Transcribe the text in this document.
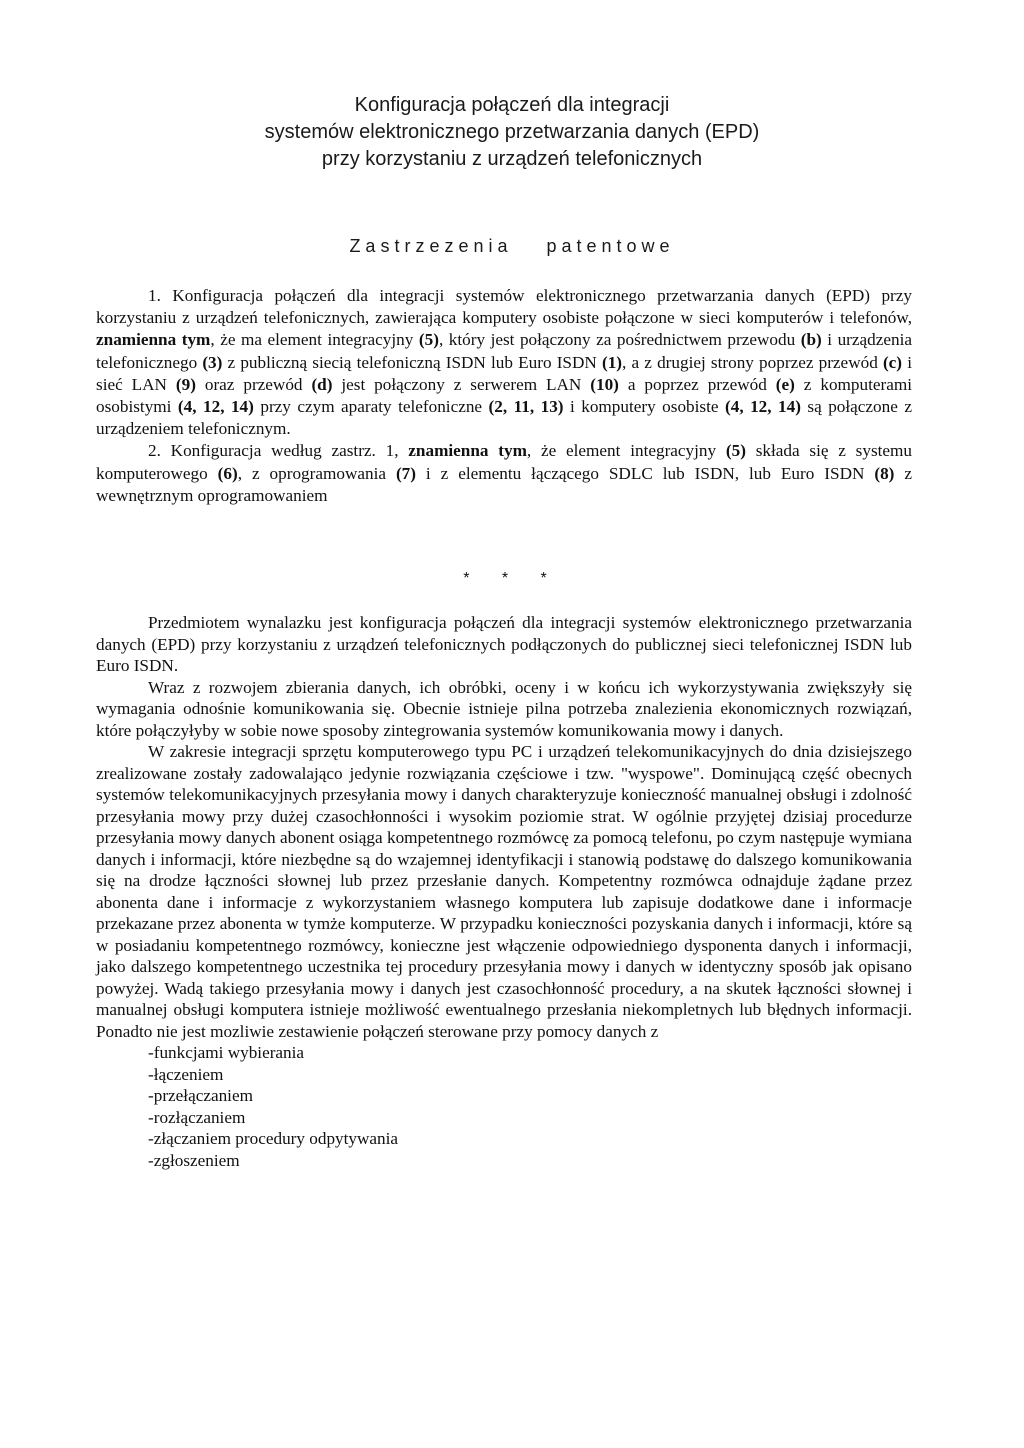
Konfiguracja połączeń dla integracji
systemów elektronicznego przetwarzania danych (EPD)
przy korzystaniu z urządzeń telefonicznych
Zastrzezenia patentowe

1. Konfiguracja połączeń dla integracji systemów elektronicznego przetwarzania danych (EPD) przy korzystaniu z urządzeń telefonicznych, zawierająca komputery osobiste połączone w sieci komputerów i telefonów, znamienna tym, że ma element integracyjny (5), który jest połączony za pośrednictwem przewodu (b) i urządzenia telefonicznego (3) z publiczną siecią telefoniczną ISDN lub Euro ISDN (1), a z drugiej strony poprzez przewód (c) i sieć LAN (9) oraz przewód (d) jest połączony z serwerem LAN (10) a poprzez przewód (e) z komputerami osobistymi (4, 12, 14) przy czym aparaty telefoniczne (2, 11, 13) i komputery osobiste (4, 12, 14) są połączone z urządzeniem telefonicznym.

2. Konfiguracja według zastrz. 1, znamienna tym, że element integracyjny (5) składa się z systemu komputerowego (6), z oprogramowania (7) i z elementu łączącego SDLC lub ISDN, lub Euro ISDN (8) z wewnętrznym oprogramowaniem

* * *

Przedmiotem wynalazku jest konfiguracja połączeń dla integracji systemów elektronicznego przetwarzania danych (EPD) przy korzystaniu z urządzeń telefonicznych podłączonych do publicznej sieci telefonicznej ISDN lub Euro ISDN.

Wraz z rozwojem zbierania danych, ich obróbki, oceny i w końcu ich wykorzystywania zwiększyły się wymagania odnośnie komunikowania się. Obecnie istnieje pilna potrzeba znalezienia ekonomicznych rozwiązań, które połączyłyby w sobie nowe sposoby zintegrowania systemów komunikowania mowy i danych.

W zakresie integracji sprzętu komputerowego typu PC i urządzeń telekomunikacyjnych do dnia dzisiejszego zrealizowane zostały zadowalająco jedynie rozwiązania częściowe i tzw. "wyspowe". Dominującą część obecnych systemów telekomunikacyjnych przesyłania mowy i danych charakteryzuje konieczność manualnej obsługi i zdolność przesyłania mowy przy dużej czasochłonności i wysokim poziomie strat. W ogólnie przyjętej dzisiaj procedurze przesyłania mowy danych abonent osiąga kompetentnego rozmówcę za pomocą telefonu, po czym następuje wymiana danych i informacji, które niezbędne są do wzajemnej identyfikacji i stanowią podstawę do dalszego komunikowania się na drodze łączności słownej lub przez przesłanie danych. Kompetentny rozmówca odnajduje żądane przez abonenta dane i informacje z wykorzystaniem własnego komputera lub zapisuje dodatkowe dane i informacje przekazane przez abonenta w tymże komputerze. W przypadku konieczności pozyskania danych i informacji, które są w posiadaniu kompetentnego rozmówcy, konieczne jest włączenie odpowiedniego dysponenta danych i informacji, jako dalszego kompetentnego uczestnika tej procedury przesyłania mowy i danych w identyczny sposób jak opisano powyżej. Wadą takiego przesyłania mowy i danych jest czasochłonność procedury, a na skutek łączności słownej i manualnej obsługi komputera istnieje możliwość ewentualnego przesłania niekompletnych lub błędnych informacji. Ponadto nie jest mozliwie zestawienie połączeń sterowane przy pomocy danych z

-funkcjami wybierania
-łączeniem
-przełączaniem
-rozłączaniem
-złączaniem procedury odpytywania
-zgłoszeniem
